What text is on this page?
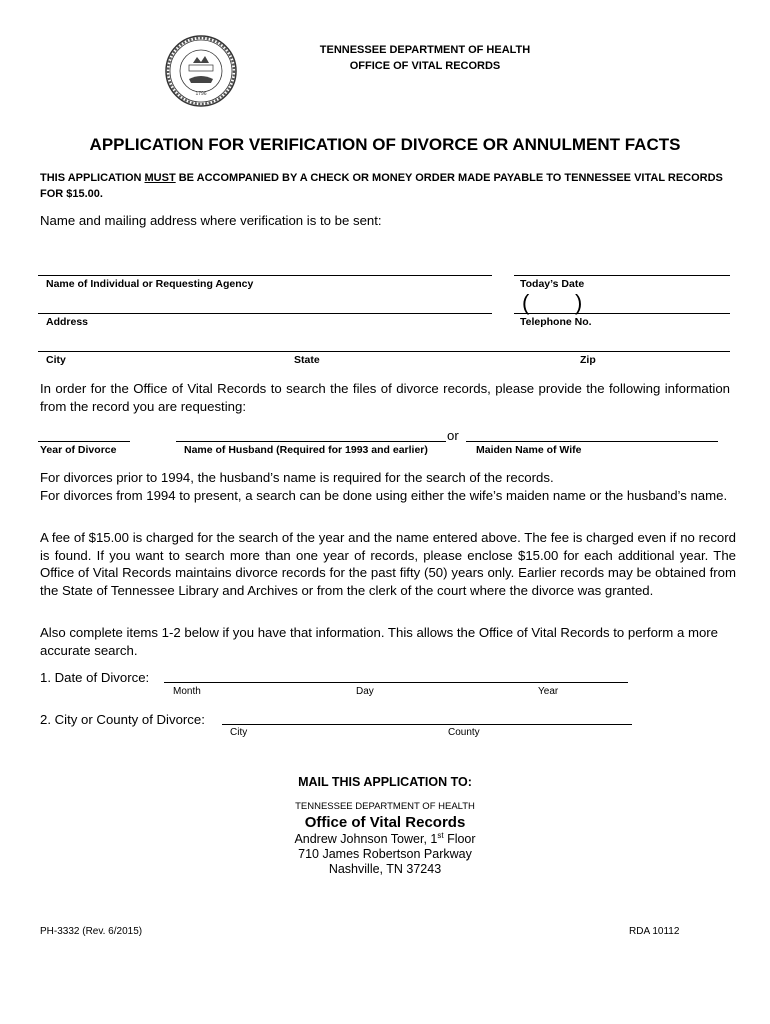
1796
TENNESSEE DEPARTMENT OF HEALTH
OFFICE OF VITAL RECORDS
APPLICATION FOR VERIFICATION OF DIVORCE OR ANNULMENT FACTS
THIS APPLICATION MUST BE ACCOMPANIED BY A CHECK OR MONEY ORDER MADE PAYABLE TO TENNESSEE VITAL RECORDS FOR $15.00.
Name and mailing address where verification is to be sent:
Name of Individual or Requesting Agency	Today’s Date
( )
Address	Telephone No.
City	State	Zip
In order for the Office of Vital Records to search the files of divorce records, please provide the following information from the record you are requesting:
or
Year of Divorce	Name of Husband (Required for 1993 and earlier)	Maiden Name of Wife
For divorces prior to 1994, the husband’s name is required for the search of the records.
For divorces from 1994 to present, a search can be done using either the wife’s maiden name or the husband’s name.
A fee of $15.00 is charged for the search of the year and the name entered above. The fee is charged even if no record is found. If you want to search more than one year of records, please enclose $15.00 for each additional year. The Office of Vital Records maintains divorce records for the past fifty (50) years only. Earlier records may be obtained from the State of Tennessee Library and Archives or from the clerk of the court where the divorce was granted.
Also complete items 1-2 below if you have that information. This allows the Office of Vital Records to perform a more accurate search.
1. Date of Divorce:
Month	Day	Year
2. City or County of Divorce:
City	County
MAIL THIS APPLICATION TO:
TENNESSEE DEPARTMENT OF HEALTH
Office of Vital Records
Andrew Johnson Tower, 1st Floor
710 James Robertson Parkway
Nashville, TN 37243
PH-3332 (Rev. 6/2015)	RDA 10112
